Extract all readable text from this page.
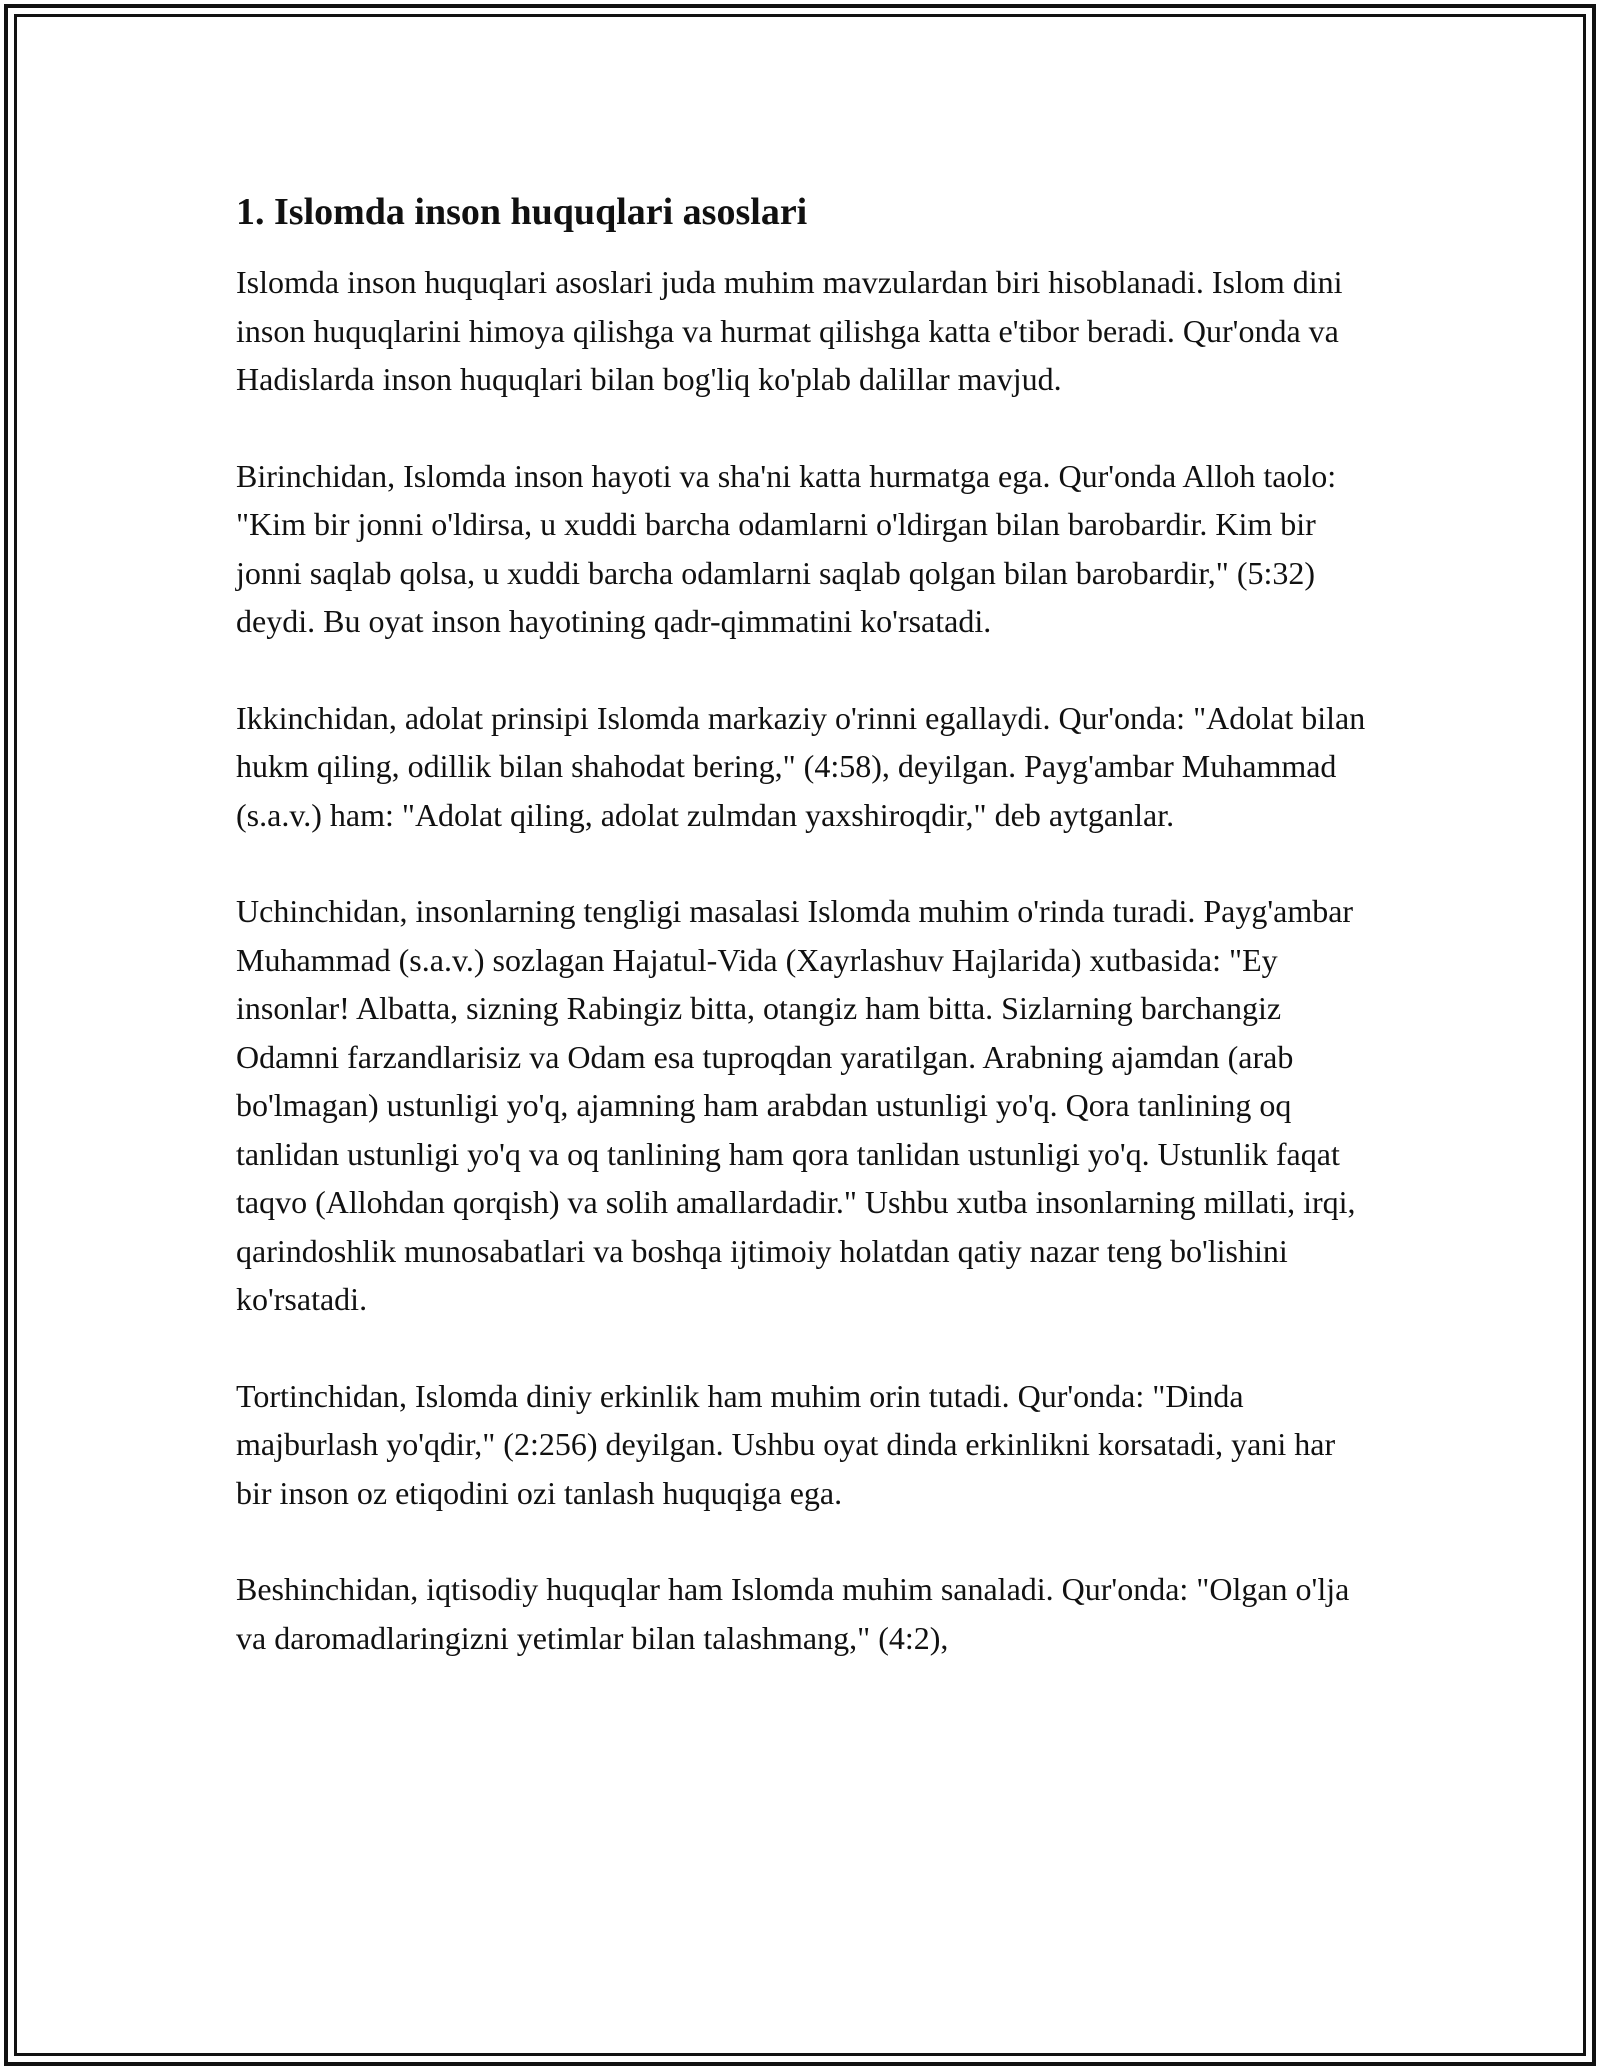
1. Islomda inson huquqlari asoslari

Islomda inson huquqlari asoslari juda muhim mavzulardan biri hisoblanadi. Islom dini inson huquqlarini himoya qilishga va hurmat qilishga katta e'tibor beradi. Qur'onda va Hadislarda inson huquqlari bilan bog'liq ko'plab dalillar mavjud.

Birinchidan, Islomda inson hayoti va sha'ni katta hurmatga ega. Qur'onda Alloh taolo: "Kim bir jonni o'ldirsa, u xuddi barcha odamlarni o'ldirgan bilan barobardir. Kim bir jonni saqlab qolsa, u xuddi barcha odamlarni saqlab qolgan bilan barobardir," (5:32) deydi. Bu oyat inson hayotining qadr-qimmatini ko'rsatadi.

Ikkinchidan, adolat prinsipi Islomda markaziy o'rinni egallaydi. Qur'onda: "Adolat bilan hukm qiling, odillik bilan shahodat bering," (4:58), deyilgan. Payg'ambar Muhammad (s.a.v.) ham: "Adolat qiling, adolat zulmdan yaxshiroqdir," deb aytganlar.

Uchinchidan, insonlarning tengligi masalasi Islomda muhim o'rinda turadi. Payg'ambar Muhammad (s.a.v.) sozlagan Hajatul-Vida (Xayrlashuv Hajlarida) xutbasida: "Ey insonlar! Albatta, sizning Rabingiz bitta, otangiz ham bitta. Sizlarning barchangiz Odamni farzandlarisiz va Odam esa tuproqdan yaratilgan. Arabning ajamdan (arab bo'lmagan) ustunligi yo'q, ajamning ham arabdan ustunligi yo'q. Qora tanlining oq tanlidan ustunligi yo'q va oq tanlining ham qora tanlidan ustunligi yo'q. Ustunlik faqat taqvo (Allohdan qorqish) va solih amallardadir." Ushbu xutba insonlarning millati, irqi, qarindoshlik munosabatlari va boshqa ijtimoiy holatdan qatiy nazar teng bo'lishini ko'rsatadi.

Tortinchidan, Islomda diniy erkinlik ham muhim orin tutadi. Qur'onda: "Dinda majburlash yo'qdir," (2:256) deyilgan. Ushbu oyat dinda erkinlikni korsatadi, yani har bir inson oz etiqodini ozi tanlash huquqiga ega.

Beshinchidan, iqtisodiy huquqlar ham Islomda muhim sanaladi. Qur'onda: "Olgan o'lja va daromadlaringizni yetimlar bilan talashmang," (4:2),
